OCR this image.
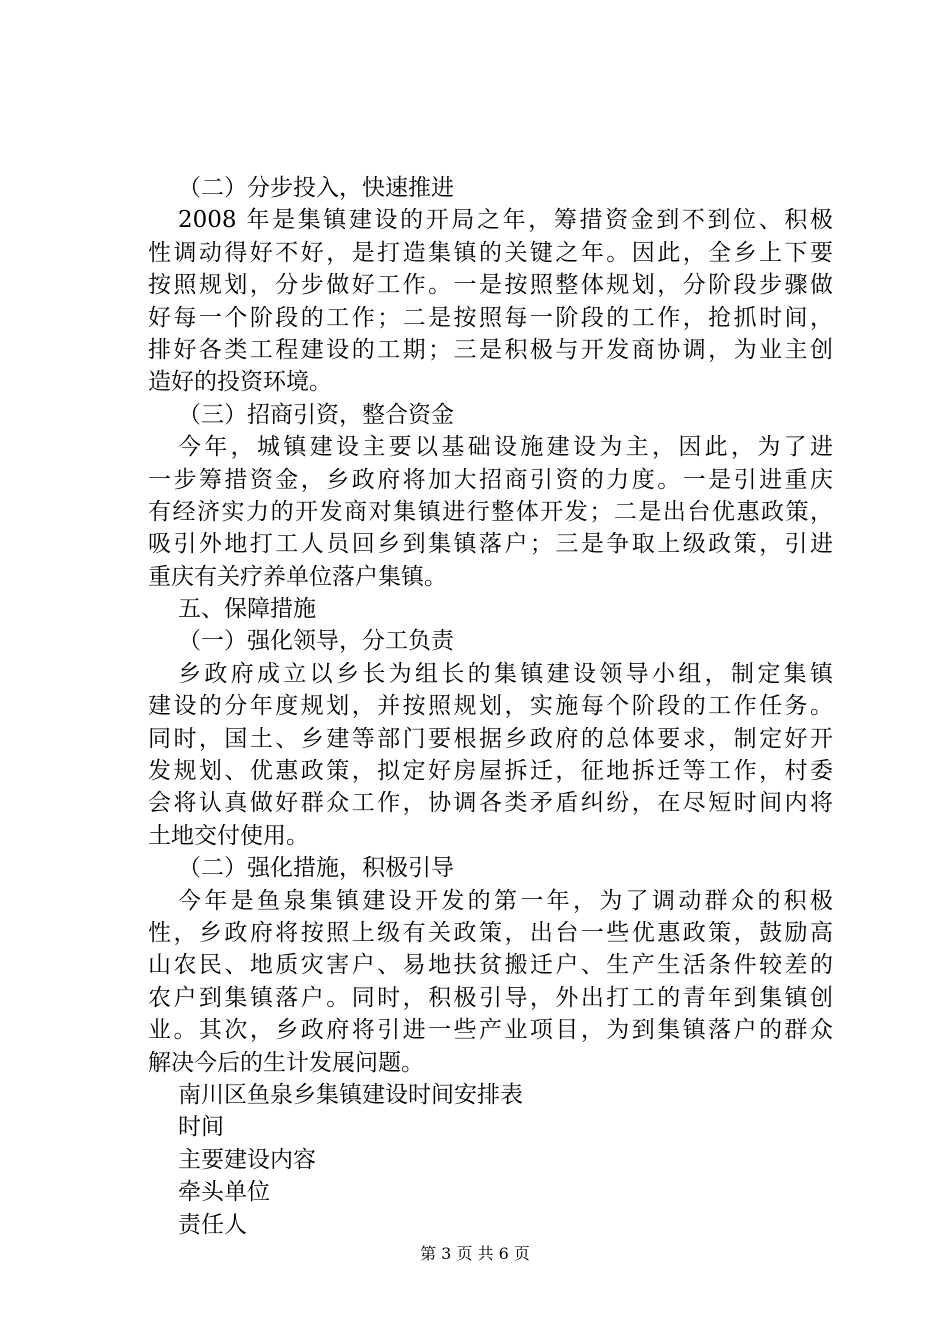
（二）分步投入，快速推进
2008 年是集镇建设的开局之年，筹措资金到不到位、积极
性调动得好不好，是打造集镇的关键之年。因此，全乡上下要
按照规划，分步做好工作。一是按照整体规划，分阶段步骤做
好每一个阶段的工作；二是按照每一阶段的工作，抢抓时间，
排好各类工程建设的工期；三是积极与开发商协调，为业主创
造好的投资环境。
（三）招商引资，整合资金
今年，城镇建设主要以基础设施建设为主，因此，为了进
一步筹措资金，乡政府将加大招商引资的力度。一是引进重庆
有经济实力的开发商对集镇进行整体开发；二是出台优惠政策，
吸引外地打工人员回乡到集镇落户；三是争取上级政策，引进
重庆有关疗养单位落户集镇。
五、保障措施
（一）强化领导，分工负责
乡政府成立以乡长为组长的集镇建设领导小组，制定集镇
建设的分年度规划，并按照规划，实施每个阶段的工作任务。
同时，国土、乡建等部门要根据乡政府的总体要求，制定好开
发规划、优惠政策，拟定好房屋拆迁，征地拆迁等工作，村委
会将认真做好群众工作，协调各类矛盾纠纷，在尽短时间内将
土地交付使用。
（二）强化措施，积极引导
今年是鱼泉集镇建设开发的第一年，为了调动群众的积极
性，乡政府将按照上级有关政策，出台一些优惠政策，鼓励高
山农民、地质灾害户、易地扶贫搬迁户、生产生活条件较差的
农户到集镇落户。同时，积极引导，外出打工的青年到集镇创
业。其次，乡政府将引进一些产业项目，为到集镇落户的群众
解决今后的生计发展问题。
南川区鱼泉乡集镇建设时间安排表
时间
主要建设内容
牵头单位
责任人
第 3 页 共 6 页
